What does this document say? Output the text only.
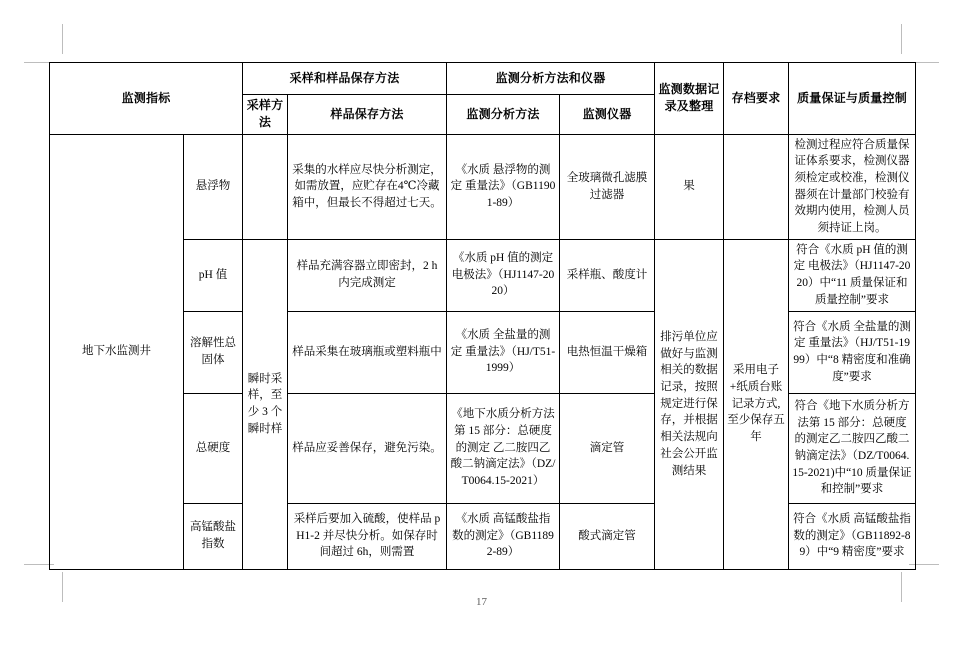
监测指标		采样和样品保存方法		监测分析方法和仪器		监测数据记录及整理	存档要求	质量保证与质量控制
		采样方法	样品保存方法	监测分析方法	监测仪器			
地下水监测井	悬浮物		采集的水样应尽快分析测定，如需放置，应贮存在4℃冷藏箱中，但最长不得超过七天。	《水质 悬浮物的测定 重量法》（GB11901-89）	全玻璃微孔滤膜过滤器	果		检测过程应符合质量保证体系要求，检测仪器须检定或校准，检测仪器须在计量部门校验有效期内使用，检测人员须持证上岗。
	pH 值	瞬时采样，至少 3 个瞬时样	样品充满容器立即密封，2 h 内完成测定	《水质 pH 值的测定 电极法》（HJ1147-2020）	采样瓶、酸度计	排污单位应做好与监测相关的数据记录，按照规定进行保存，并根据相关法规向社会公开监测结果	采用电子+纸质台账记录方式,至少保存五年	符合《水质 pH 值的测定 电极法》（HJ1147-2020）中“11 质量保证和质量控制”要求
	溶解性总固体		样品采集在玻璃瓶或塑料瓶中	《水质 全盐量的测定 重量法》（HJ/T51-1999）	电热恒温干燥箱			符合《水质 全盐量的测定 重量法》（HJ/T51-1999）中“8 精密度和准确度”要求
	总硬度		样品应妥善保存，避免污染。	《地下水质分析方法 第 15 部分：总硬度的测定 乙二胺四乙酸二钠滴定法》（DZ/T0064.15-2021）	滴定管			符合《地下水质分析方法第 15 部分：总硬度的测定乙二胺四乙酸二钠滴定法》（DZ/T0064.15-2021)中“10 质量保证和控制”要求
	高锰酸盐指数		采样后要加入硫酸，使样品 pH1-2 并尽快分析。如保存时间超过 6h，则需置	《水质 高锰酸盐指数的测定》（GB11892-89）	酸式滴定管			符合《水质 高锰酸盐指数的测定》（GB11892-89）中“9 精密度”要求
17
